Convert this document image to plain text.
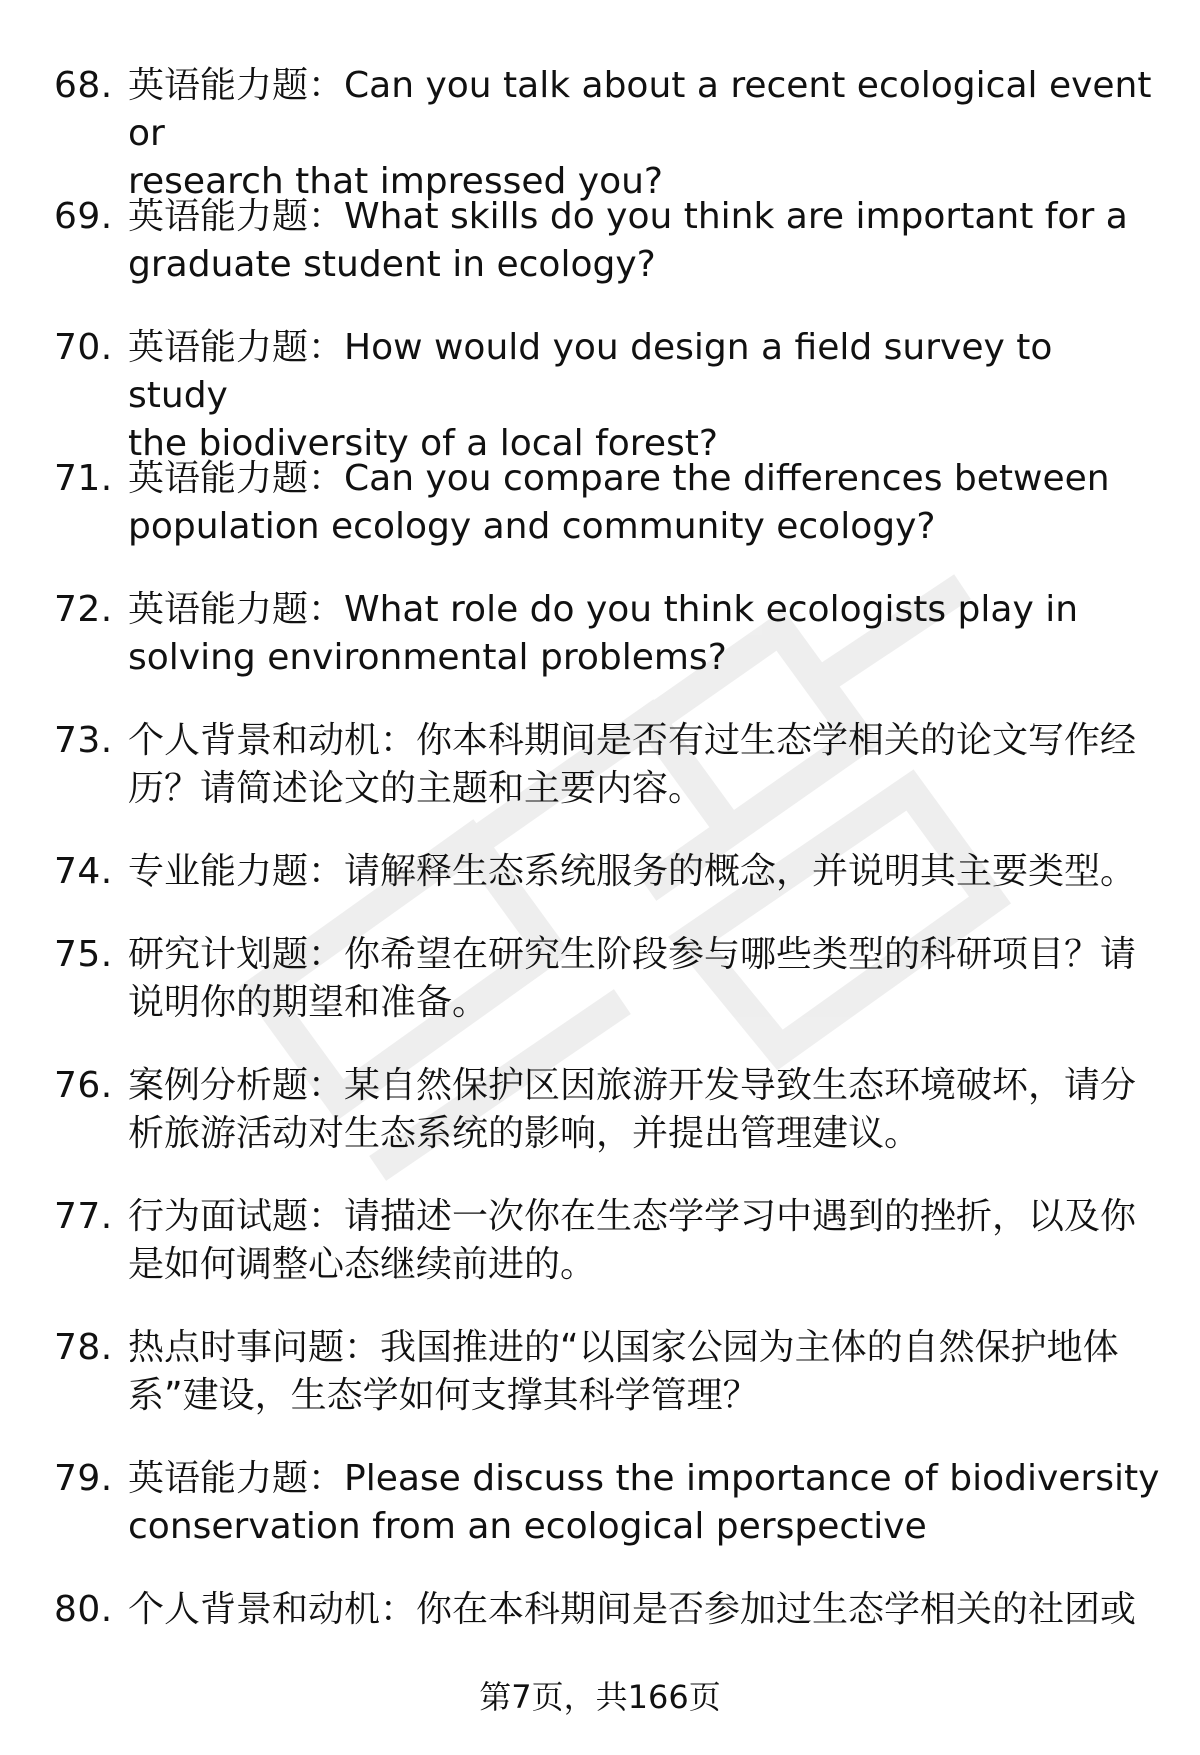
68. 英语能力题：Can you talk about a recent ecological event or
research that impressed you?
69. 英语能力题：What skills do you think are important for a
graduate student in ecology?
70. 英语能力题：How would you design a field survey to study
the biodiversity of a local forest?
71. 英语能力题：Can you compare the differences between
population ecology and community ecology?
72. 英语能力题：What role do you think ecologists play in
solving environmental problems?
73. 个人背景和动机：你本科期间是否有过生态学相关的论文写作经
历？请简述论文的主题和主要内容。
74. 专业能力题：请解释生态系统服务的概念，并说明其主要类型。
75. 研究计划题：你希望在研究生阶段参与哪些类型的科研项目？请
说明你的期望和准备。
76. 案例分析题：某自然保护区因旅游开发导致生态环境破坏，请分
析旅游活动对生态系统的影响，并提出管理建议。
77. 行为面试题：请描述一次你在生态学学习中遇到的挫折，以及你
是如何调整心态继续前进的。
78. 热点时事问题：我国推进的“以国家公园为主体的自然保护地体
系”建设，生态学如何支撑其科学管理？
79. 英语能力题：Please discuss the importance of biodiversity
conservation from an ecological perspective
80. 个人背景和动机：你在本科期间是否参加过生态学相关的社团或
第7页，共166页
